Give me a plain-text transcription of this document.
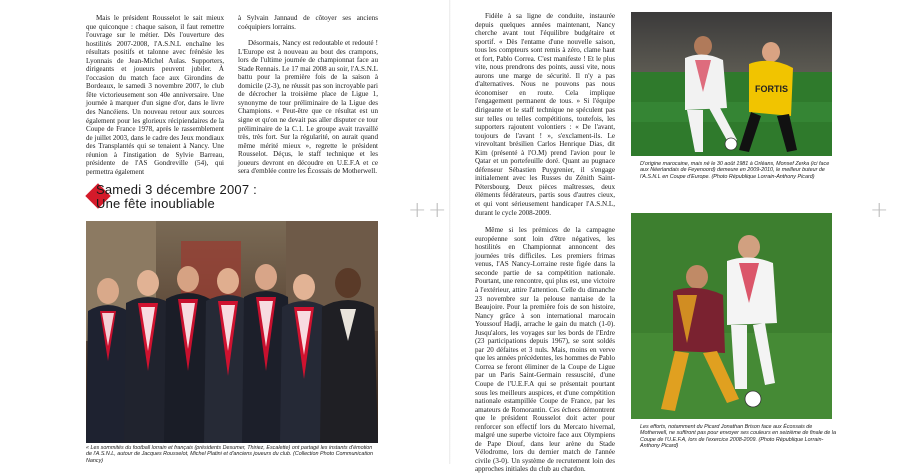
Mais le président Rousselot le sait mieux que quiconque : chaque saison, il faut remettre l'ouvrage sur le métier. Dès l'ouverture des hostilités 2007-2008, l'A.S.N.L enchaîne les résultats positifs et talonne avec frénésie les Lyonnais de Jean-Michel Aulas. Supporters, dirigeants et joueurs peuvent jubiler. À l'occasion du match face aux Girondins de Bordeaux, le samedi 3 novembre 2007, le club fête victorieusement son 40e anniversaire. Une journée à marquer d'un signe d'or, dans le livre des Nancéiens. Un nouveau retour aux sources également pour les glorieux récipiendaires de la Coupe de France 1978, après le rassemblement de juillet 2003, dans le cadre des Jeux mondiaux des Transplantés qui se tenaient à Nancy. Une réunion à l'instigation de Sylvie Barreau, présidente de l'AS Gondreville (54), qui permettra également

à Sylvain Jannaud de côtoyer ses anciens coéquipiers lorrains.

Désormais, Nancy est redoutable et redouté ! L'Europe est à nouveau au bout des crampons, lors de l'ultime journée de championnat face au Stade Rennais. Le 17 mai 2008 au soir, l'A.S.N.L battu pour la première fois de la saison à domicile (2-3), ne réussit pas son incroyable pari de décrocher la troisième place de Ligue 1, synonyme de tour préliminaire de la Ligue des Champions. « Peut-être que ce résultat est un signe et qu'on ne devait pas aller disputer ce tour préliminaire de la C.1. Le groupe avait travaillé très, très fort. Sur la régularité, on aurait quand même mérité mieux », regrette le président Rousselot. Déçus, le staff technique et les joueurs devront en découdre en U.E.F.A et ce sera d'emblée contre les Écossais de Motherwell.

Samedi 3 décembre 2007 :
Une fête inoubliable
« Les sommités du football lorrain et français (présidents Desumer, Thiriez, Escalette) ont partagé les instants d'émotion de l'A.S.N.L, autour de Jacques Rousselot, Michel Platini et d'anciens joueurs du club. (Collection Photo Communication Nancy)
+ +	+

Fidèle à sa ligne de conduite, instaurée depuis quelques années maintenant, Nancy cherche avant tout l'équilibre budgétaire et sportif. « Dès l'entame d'une nouvelle saison, tous les compteurs sont remis à zéro, clame haut et fort, Pablo Correa. C'est manifeste ! Et le plus vite, nous prendrons des points, aussi vite, nous aurons une marge de sécurité. Il n'y a pas d'alternatives. Nous ne pouvons pas nous économiser en route. Cela implique l'engagement permanent de tous. » Si l'équipe dirigeante et le staff technique ne spéculent pas sur telles ou telles compétitions, toutefois, les supporters rajoutent volontiers : « De l'avant, toujours de l'avant ! », s'exclament-ils. Le virevoltant brésilien Carlos Henrique Dias, dit Kim (présenté à l'O.M) prend l'avion pour le Qatar et un portefeuille doré. Quant au pugnace défenseur Sébastien Puygrenier, il s'engage initialement avec les Russes du Zénith Saint-Pétersbourg. Deux pièces maîtresses, deux éléments fédérateurs, partis sous d'autres cieux, et qui vont sérieusement handicaper l'A.S.N.L, durant le cycle 2008-2009.

Même si les prémices de la campagne européenne sont loin d'être négatives, les hostilités en Championnat annoncent des journées très difficiles. Les premiers frimas venus, l'AS Nancy-Lorraine reste figée dans la seconde partie de sa compétition nationale. Pourtant, une rencontre, qui plus est, une victoire à l'extérieur, attire l'attention. Celle du dimanche 23 novembre sur la pelouse nantaise de la Beaujoire. Pour la première fois de son histoire, Nancy grâce à son international marocain Youssouf Hadji, arrache le gain du match (1-0). Jusqu'alors, les voyages sur les bords de l'Erdre (23 participations depuis 1967), se sont soldés par 20 défaites et 3 nuls. Mais, moins en verve que les années précédentes, les hommes de Pablo Correa se feront éliminer de la Coupe de Ligue par un Paris Saint-Germain ressuscité, d'une Coupe de l'U.E.F.A qui se présentait pourtant sous les meilleurs auspices, et d'une compétition nationale estampillée Coupe de France, par les amateurs de Romorantin. Ces échecs démontrent que le président Rousselot doit acter pour renforcer son effectif lors du Mercato hivernal, malgré une superbe victoire face aux Olympiens de Pape Diouf, dans leur arène du Stade Vélodrome, lors du dernier match de l'année civile (3-0). Un système de recrutement loin des approches initiales du club au chardon.

FORTIS
D'origine marocaine, mais né le 30 août 1981 à Orléans, Monsef Zerka (ici face aux Néerlandais de Feyenoord) demeure en 2009-2010, le meilleur buteur de l'A.S.N.L en Coupe d'Europe. (Photo République Lorrain-Anthony Picard)
Les efforts, notamment du Picard Jonathan Brison face aux Écossais de Motherwell, ne suffiront pas pour envoyer ses couleurs en seizième de finale de la Coupe de l'U.E.F.A, lors de l'exercice 2008-2009. (Photo République Lorrain-Anthony Picard)
